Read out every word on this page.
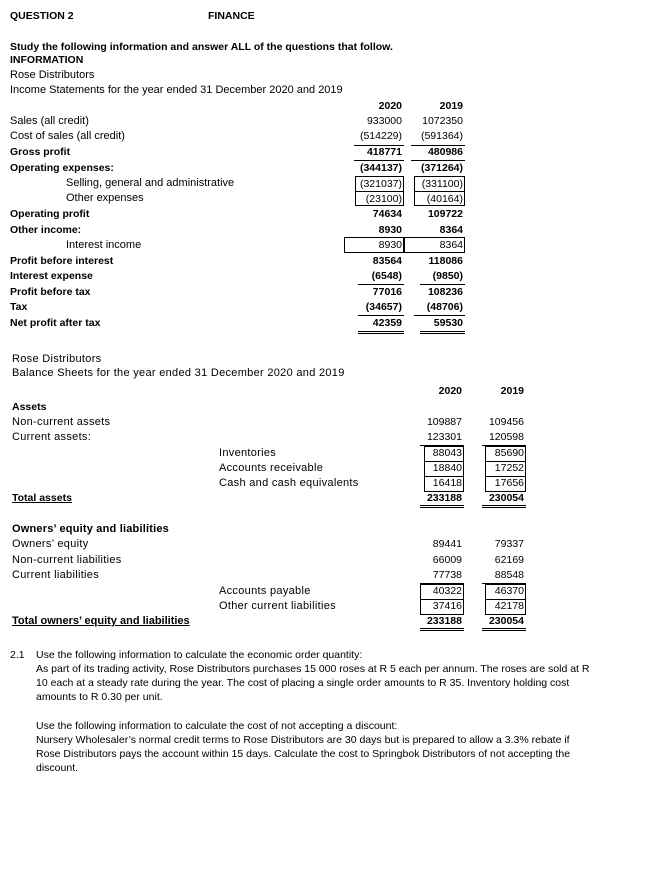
QUESTION 2	FINANCE
Study the following information and answer ALL of the questions that follow.
INFORMATION
Rose Distributors
Income Statements for the year ended 31 December 2020 and 2019
2020	2019
Sales (all credit)	933000	1072350
Cost of sales (all credit)	(514229)	(591364)
Gross profit	418771	480986
Operating expenses:	(344137)	(371264)
Selling, general and administrative	(321037)	(331100)
Other expenses	(23100)	(40164)
Operating profit	74634	109722
Other income:	8930	8364
Interest income	8930	8364
Profit before interest	83564	118086
Interest expense	(6548)	(9850)
Profit before tax	77016	108236
Tax	(34657)	(48706)
Net profit after tax	42359	59530
Rose Distributors
Balance Sheets for the year ended 31 December 2020 and 2019
2020	2019
Assets
Non-current assets	109887	109456
Current assets:	123301	120598
Inventories	88043	85690
Accounts receivable	18840	17252
Cash and cash equivalents	16418	17656
Total assets	233188	230054
Owners’ equity and liabilities
Owners’ equity	89441	79337
Non-current liabilities	66009	62169
Current liabilities	77738	88548
Accounts payable	40322	46370
Other current liabilities	37416	42178
Total owners’ equity and liabilities	233188	230054
2.1 Use the following information to calculate the economic order quantity:
As part of its trading activity, Rose Distributors purchases 15 000 roses at R 5 each per annum. The roses are sold at R 10 each at a steady rate during the year. The cost of placing a single order amounts to R 35. Inventory holding cost amounts to R 0.30 per unit.
Use the following information to calculate the cost of not accepting a discount:
Nursery Wholesaler’s normal credit terms to Rose Distributors are 30 days but is prepared to allow a 3.3% rebate if Rose Distributors pays the account within 15 days. Calculate the cost to Springbok Distributors of not accepting the discount.
